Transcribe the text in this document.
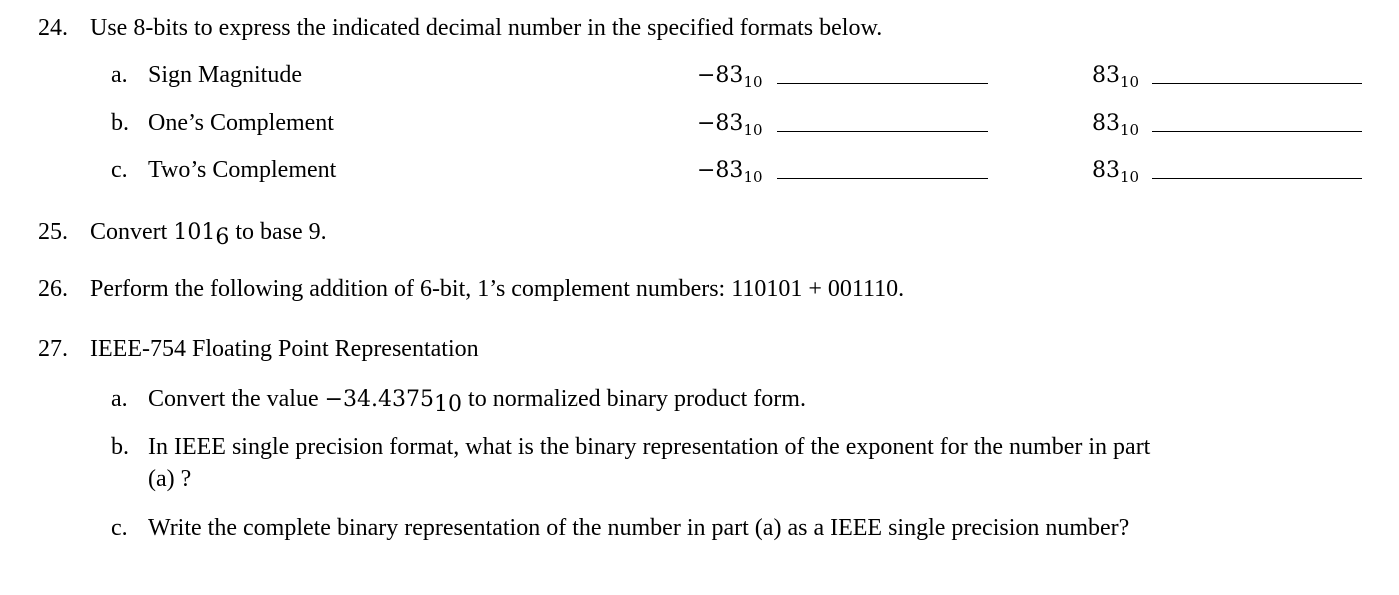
24. Use 8-bits to express the indicated decimal number in the specified formats below.
a. Sign Magnitude	$-83_{10}$	$83_{10}$
b. One’s Complement	$-83_{10}$	$83_{10}$
c. Two’s Complement	$-83_{10}$	$83_{10}$
25. Convert $101_6$ to base 9.
26. Perform the following addition of 6-bit, 1’s complement numbers: 110101 + 001110.
27. IEEE-754 Floating Point Representation
a. Convert the value $-34.4375_{10}$ to normalized binary product form.
b. In IEEE single precision format, what is the binary representation of the exponent for the number in part
(a) ?
c. Write the complete binary representation of the number in part (a) as a IEEE single precision number?
